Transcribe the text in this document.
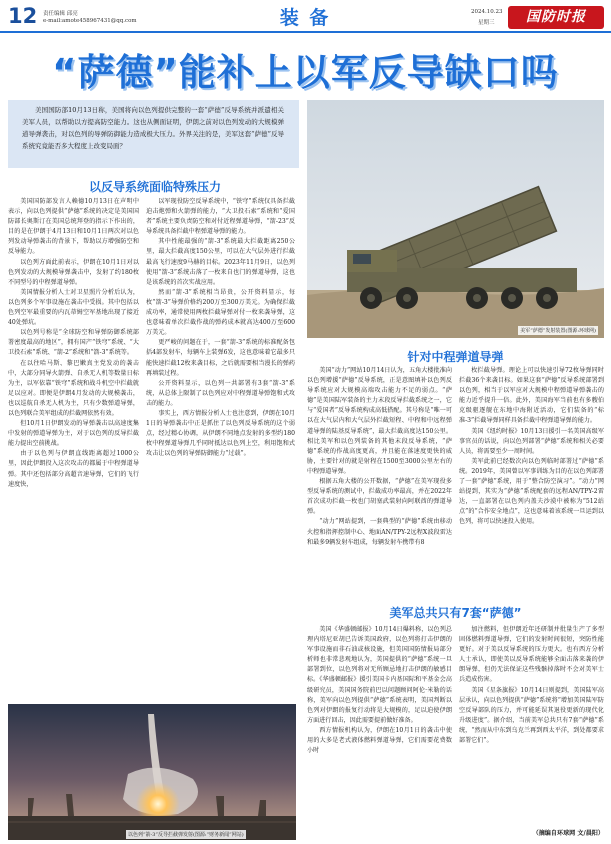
12 责任编辑 邱亮
e-mail:amote458967431@qq.com	装 备	2024.10.23
星期三	国防时报
“萨德”能补上以军反导缺口吗
美国国防部10月13日称，美国将向以色列提供完整的一套“萨德”反导系统并派遣相关美军人员，以帮助以方提高防空能力。这也从侧面证明，伊朗之前对以色列发动的大规模弹道导弹袭击，对以色列的导弹防御能力造成极大压力。外界关注的是，美军这套“萨德”反导系统究竟能否多大程度上改变局面？
以反导系统面临特殊压力

美国国防部发言人赖德10月13日在声明中表示，向以色列提供“萨德”系统的决定是美国国防部长奥斯汀在美国总统拜登的指示下作出的，目的是在伊朗于4月13日和10月1日两次对以色列发动导弹袭击的背景下，帮助以方增强防空和反导能力。

以色列方面此前表示，伊朗在10月1日对以色列发动的大规模导弹袭击中，发射了约180枚不同型号的中程弹道导弹。

美国情报分析人士对卫星照片分析后认为，以色列多个军事设施在袭击中受损。其中包括以色列空军最重要的内瓦蒂姆空军基地出现了接近40处弹坑。

以色列号称是“全球防空和导弹防御系统部署密度最高的地区”，拥有国产“铁穹”系统、“大卫投石索”系统、“箭-2”系统和“箭-3”系统等。

在以往哈马斯、黎巴嫩真主党发动的袭击中，大部分同导火箭弹、自杀无人机等数量日标为主，以军依靠“铁穹”系统和战斗机空中拦截就足以应对。即便是伊朗4月发动的大规模袭击，也以巡航自杀无人机为主，只有少数弹道导弹，以色列联合美军组成的拦截网依然有效。

但10月1日伊朗发动的导弹袭击以高速度集中发射的弹道导弹为主，对于以色列的反导拦截能力提出空前挑战。

由于以色列与伊朗直线距离超过1000公里，因此伊朗投入这次攻击的都属于中程弹道导弹。其中还包括部分高超音速导弹，它们的飞行速度快，

以军现役防空反导系统中，“铁穹”系统仅具备拦截迫击炮弹和火箭弹的能力，“大卫投石索”系统和“爱国者”系统主要负责防空和对付近程弹道导弹，“箭-23”反导系统具备拦截中程弹道导弹的能力。

其中性能最强的“箭-3”系统最大拦截距离250公里，最大拦截高度150公里，可以在大气层外进行拦截最高飞行速度9马赫的目标。2023年11月9日，以色列使用“箭-3”系统击落了一枚来自也门的弹道导弹，这也是该系统的首次实战应用。

然而“箭-3”系统相当昂贵，公开资料显示，每枚“箭-3”导弹价格约200万至300万美元。为确保拦截成功率，通常使用两枚拦截导弹对付一枚来袭导弹，这也意味着单次拦截作战的弹药成本就高达400万至600万美元。

更严峻的问题在于，一套“箭-3”系统的标准配备包括4部发射车，每辆车上装弹6发，这也意味着它最多只能快速拦截12枚来袭目标，之后就需要相当漫长的弹药再填装过程。

公开资料显示，以色列一共部署有3套“箭-3”系统，从总体上限制了以色列应对中程弹道导弹饱和式攻击的能力。

事实上，西方情报分析人士也注意到，伊朗在10月1日的导弹袭击中正是抓住了以色列反导系统的这个弱点，经过精心协调，从伊朗不同地点发射的多型约180枚中程弹道导弹几乎同时抵达以色列上空，利用饱和式攻击让以色列的导弹防御能力“过载”。

以色列“箭-3”反导拦截弹发射(图源:“财务新闻”网站)
美军“萨德”发射装置(图源:环球网)
针对中程弹道导弹

美国“动力”网站10月14日认为，五角大楼批准向以色列增援“萨德”反导系统，正是意图填补以色列反导系统应对大规模高端攻击能力不足的弱点。“萨德”是美国陆军装备的主力末段反导拦截系统之一，它与“爱国者”反导系统构成高低搭配。其号称是“唯一可以在大气层内和大气层外拦截短程、中程和中远程弹道导弹的陆基反导系统”，最大拦截高度达150公里。相比美军和以色列装备的其他末段反导系统，“萨德”系统的作战高度更高，并且能在落速度更快的威胁，主要针对的就是射程在1500至3000公里左右的中程弹道导弹。

根据五角大楼的公开数据，“萨德”在美军现役多型反导系统的测试中，拦截成功率最高，并在2022年首次成功拦截一枚也门胡塞武装射向阿联酋的弹道导弹。

“动力”网站提到，一套典型的“萨德”系统由移动火控和指挥控制中心、地面AN/TPY-2远程X波段雷达和最多9辆发射车组成，每辆发射车携带有8

枚拦截导弹。理论上可以快速引导72枚导弹同时拦截36个来袭目标。如果这套“萨德”反导系统部署到以色列，相当于以军应对大规模中程弹道导弹袭击的能力近乎提升一倍。此外，美国海军当前也有多艘伯克级驱逐舰在东地中海附近活动，它们装备的“标准-3”拦截导弹同样具备拦截中程弹道导弹的能力。

美国《纽约时报》10月13日援引一名美国高级军事官员的话说，向以色列部署“萨德”系统和相关必要人员，将需要至少一周时间。

美军此前已经数次向以色列临时部署过“萨德”系统。2019年，美国曾以军事训练为目的在以色列部署了一套“萨德”系统，用于“整合防空演习”。“动力”网站提到，其实为“萨德”系统配套的远程AN/TPY-2雷达，一直部署在以色列内盖夫沙漠中被称为“512站点”的“合作安全地点”，这也意味着该系统一旦运到以色列，将可以快速投入使用。

美军总共只有7套“萨德”

美国《华盛顿邮报》10月14日爆料称，以色列总理内塔尼亚胡已告诉美国政府，以色列将打击伊朗的军事设施而非石油或核设施，但美国国防情报局部分析师也非常悲观地认为，美国提供的“萨德”系统一旦部署到位，以色列将对无所顾忌地打击伊朗的敏感目标。《华盛顿邮报》援引美国卡内基国际和平基金会高级研究员，美国国务院前巴以问题顾问阿伦·米勒的话称，美军向以色列提供“萨德”系统表明，美国判断以色列对伊朗的报复行动将是大规模的，足以迫使伊朗方面进行回击，因此需要提前做好准备。

西方情报机构认为，伊朗在10月1日的袭击中使用的大多是老式液体燃料弹道导弹，它们需要花费数小时

加注燃料，但伊朗近年还研制并批量生产了多型固体燃料弹道导弹，它们的发射时间很短，突防性能更好。对于美以反导系统的压力更大。也有西方分析人士承认，即使美以反导系统能够全面击落来袭的伊朗导弹，但仍无法保证这些残骸掉落时不会对美军士兵造成伤害。

美国《星条旗报》10月14日则提到，美国陆军高层承认，向以色列提供“萨德”系统将“增加美国陆军防空反导部队的压力，并可能延误其退役更新的现代化升级进度”。据介绍，当前美军总共只有7套“萨德”系统，“然而从中东到乌克兰再到西太平洋，到处都要求部署它们”。

（摘编自环球网 文/晨阳）
